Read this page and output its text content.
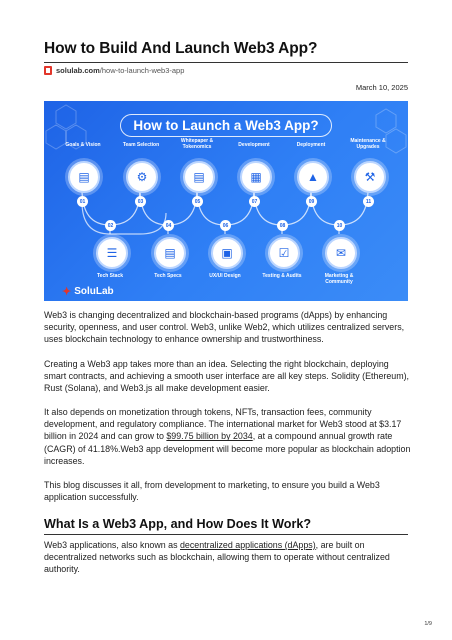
How to Build And Launch Web3 App?
solulab.com/how-to-launch-web3-app
March 10, 2025
How to Launch a Web3 App?
Goals & Vision	Team Selection
Whitepaper & Tokenomics	Development	Deployment
Maintenance & Upgrades
▤	⚙	▤	▦	▲	⚒
01	03	05	07	09	11
02	04	06	08	10
☰	▤	▣	☑	✉
Tech Stack	Tech Specs	UX/UI Design	Testing & Audits	Marketing & Community
✦ SoluLab

Web3 is changing decentralized and blockchain-based programs (dApps) by enhancing security, openness, and user control. Web3, unlike Web2, which utilizes centralized servers, uses blockchain technology to enhance ownership and trustworthiness.

Creating a Web3 app takes more than an idea. Selecting the right blockchain, deploying smart contracts, and achieving a smooth user interface are all key steps. Solidity (Ethereum), Rust (Solana), and Web3.js all make development easier.

It also depends on monetization through tokens, NFTs, transaction fees, community development, and regulatory compliance. The international market for Web3 stood at $3.17 billion in 2024 and can grow to $99.75 billion by 2034, at a compound annual growth rate (CAGR) of 41.18%.Web3 app development will become more popular as blockchain adoption increases.

This blog discusses it all, from development to marketing, to ensure you build a Web3 application successfully.

What Is a Web3 App, and How Does It Work?

Web3 applications, also known as decentralized applications (dApps), are built on decentralized networks such as blockchain, allowing them to operate without centralized authority.

1/9
